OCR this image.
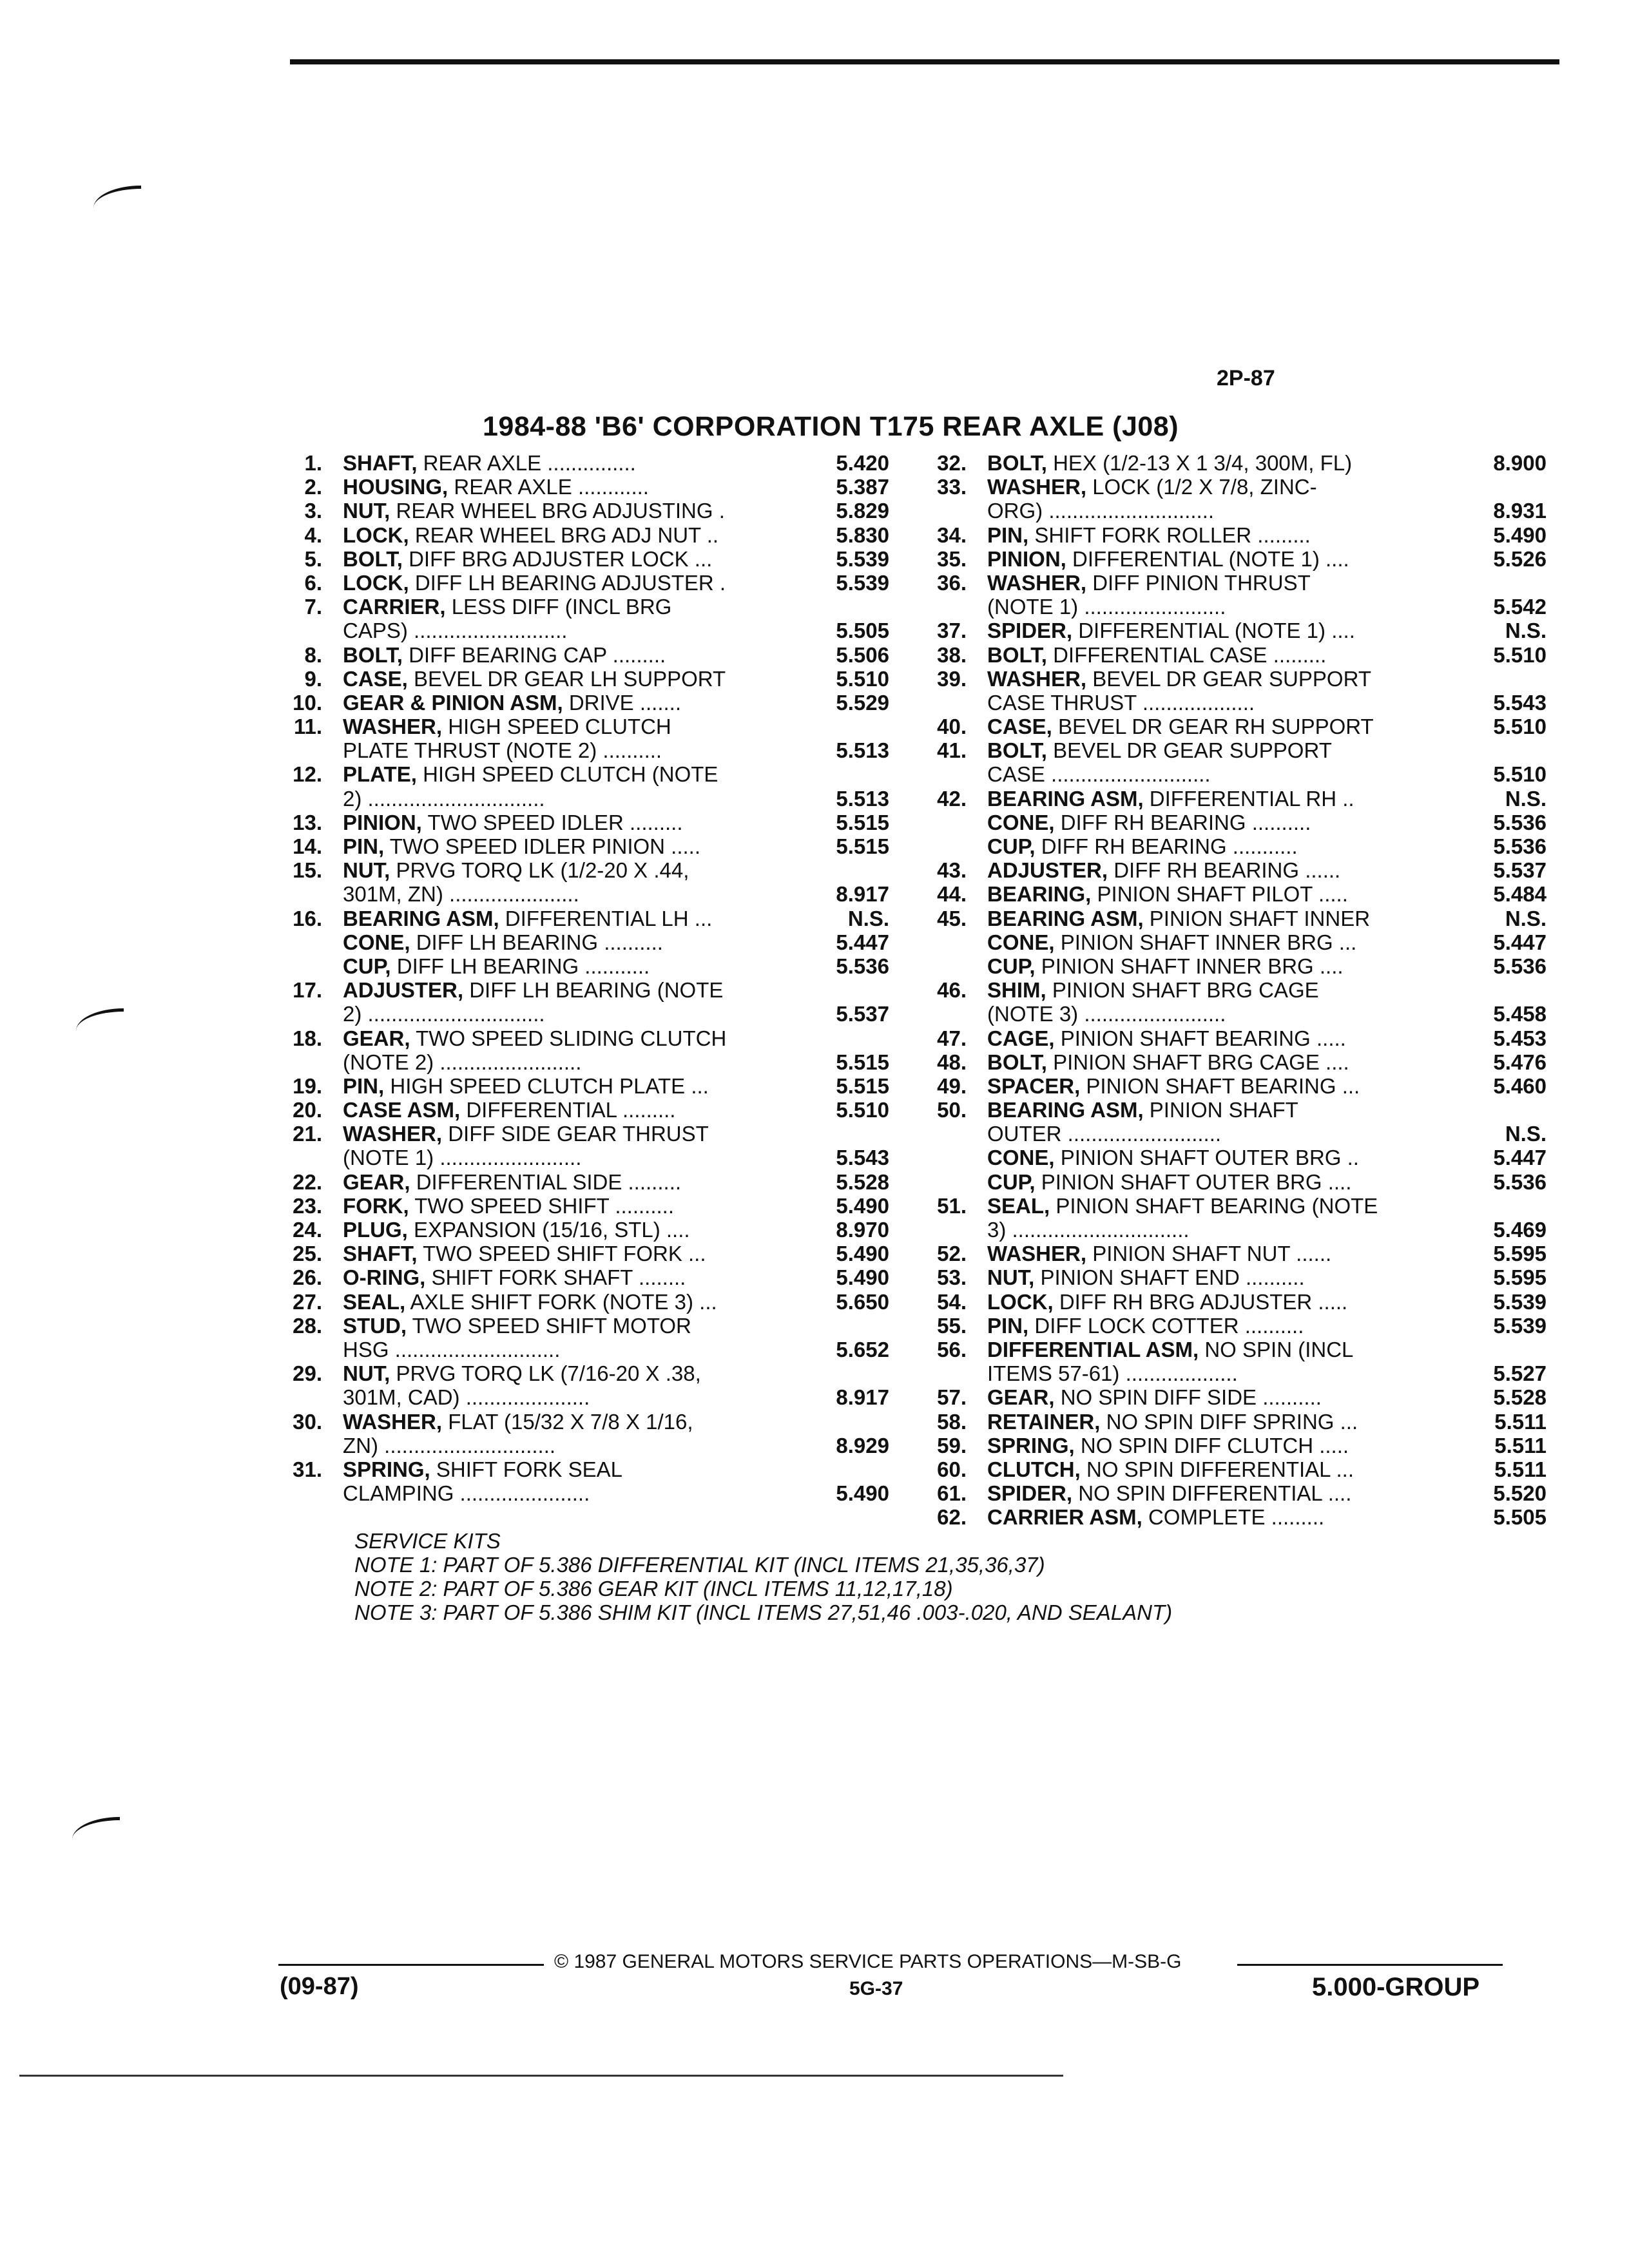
2P-87
1984-88 'B6' CORPORATION T175 REAR AXLE (J08)
1. SHAFT, REAR AXLE ...............	5.420
2. HOUSING, REAR AXLE ............	5.387
3. NUT, REAR WHEEL BRG ADJUSTING .	5.829
4. LOCK, REAR WHEEL BRG ADJ NUT ..	5.830
5. BOLT, DIFF BRG ADJUSTER LOCK ...	5.539
6. LOCK, DIFF LH BEARING ADJUSTER .	5.539
7. CARRIER, LESS DIFF (INCL BRG
CAPS) ..........................	5.505
8. BOLT, DIFF BEARING CAP .........	5.506
9. CASE, BEVEL DR GEAR LH SUPPORT	5.510
10. GEAR & PINION ASM, DRIVE .......	5.529
11. WASHER, HIGH SPEED CLUTCH
PLATE THRUST (NOTE 2) ..........	5.513
12. PLATE, HIGH SPEED CLUTCH (NOTE
2) ..............................	5.513
13. PINION, TWO SPEED IDLER .........	5.515
14. PIN, TWO SPEED IDLER PINION .....	5.515
15. NUT, PRVG TORQ LK (1/2-20 X .44,
301M, ZN) ......................	8.917
16. BEARING ASM, DIFFERENTIAL LH ...	N.S.
CONE, DIFF LH BEARING ..........	5.447
CUP, DIFF LH BEARING ...........	5.536
17. ADJUSTER, DIFF LH BEARING (NOTE
2) ..............................	5.537
18. GEAR, TWO SPEED SLIDING CLUTCH
(NOTE 2) ........................	5.515
19. PIN, HIGH SPEED CLUTCH PLATE ...	5.515
20. CASE ASM, DIFFERENTIAL .........	5.510
21. WASHER, DIFF SIDE GEAR THRUST
(NOTE 1) ........................	5.543
22. GEAR, DIFFERENTIAL SIDE .........	5.528
23. FORK, TWO SPEED SHIFT ..........	5.490
24. PLUG, EXPANSION (15/16, STL) ....	8.970
25. SHAFT, TWO SPEED SHIFT FORK ...	5.490
26. O-RING, SHIFT FORK SHAFT ........	5.490
27. SEAL, AXLE SHIFT FORK (NOTE 3) ...	5.650
28. STUD, TWO SPEED SHIFT MOTOR
HSG ............................	5.652
29. NUT, PRVG TORQ LK (7/16-20 X .38,
301M, CAD) .....................	8.917
30. WASHER, FLAT (15/32 X 7/8 X 1/16,
ZN) .............................	8.929
31. SPRING, SHIFT FORK SEAL
CLAMPING ......................	5.490
32. BOLT, HEX (1/2-13 X 1 3/4, 300M, FL)	8.900
33. WASHER, LOCK (1/2 X 7/8, ZINC-
ORG) ............................	8.931
34. PIN, SHIFT FORK ROLLER .........	5.490
35. PINION, DIFFERENTIAL (NOTE 1) ....	5.526
36. WASHER, DIFF PINION THRUST
(NOTE 1) ........................	5.542
37. SPIDER, DIFFERENTIAL (NOTE 1) ....	N.S.
38. BOLT, DIFFERENTIAL CASE .........	5.510
39. WASHER, BEVEL DR GEAR SUPPORT
CASE THRUST ...................	5.543
40. CASE, BEVEL DR GEAR RH SUPPORT	5.510
41. BOLT, BEVEL DR GEAR SUPPORT
CASE ...........................	5.510
42. BEARING ASM, DIFFERENTIAL RH ..	N.S.
CONE, DIFF RH BEARING ..........	5.536
CUP, DIFF RH BEARING ...........	5.536
43. ADJUSTER, DIFF RH BEARING ......	5.537
44. BEARING, PINION SHAFT PILOT .....	5.484
45. BEARING ASM, PINION SHAFT INNER	N.S.
CONE, PINION SHAFT INNER BRG ...	5.447
CUP, PINION SHAFT INNER BRG ....	5.536
46. SHIM, PINION SHAFT BRG CAGE
(NOTE 3) ........................	5.458
47. CAGE, PINION SHAFT BEARING .....	5.453
48. BOLT, PINION SHAFT BRG CAGE ....	5.476
49. SPACER, PINION SHAFT BEARING ...	5.460
50. BEARING ASM, PINION SHAFT
OUTER ..........................	N.S.
CONE, PINION SHAFT OUTER BRG ..	5.447
CUP, PINION SHAFT OUTER BRG ....	5.536
51. SEAL, PINION SHAFT BEARING (NOTE
3) ..............................	5.469
52. WASHER, PINION SHAFT NUT ......	5.595
53. NUT, PINION SHAFT END ..........	5.595
54. LOCK, DIFF RH BRG ADJUSTER .....	5.539
55. PIN, DIFF LOCK COTTER ..........	5.539
56. DIFFERENTIAL ASM, NO SPIN (INCL
ITEMS 57-61) ...................	5.527
57. GEAR, NO SPIN DIFF SIDE ..........	5.528
58. RETAINER, NO SPIN DIFF SPRING ...	5.511
59. SPRING, NO SPIN DIFF CLUTCH .....	5.511
60. CLUTCH, NO SPIN DIFFERENTIAL ...	5.511
61. SPIDER, NO SPIN DIFFERENTIAL ....	5.520
62. CARRIER ASM, COMPLETE .........	5.505
SERVICE KITS
NOTE 1: PART OF 5.386 DIFFERENTIAL KIT (INCL ITEMS 21,35,36,37)
NOTE 2: PART OF 5.386 GEAR KIT (INCL ITEMS 11,12,17,18)
NOTE 3: PART OF 5.386 SHIM KIT (INCL ITEMS 27,51,46 .003-.020, AND SEALANT)
© 1987 GENERAL MOTORS SERVICE PARTS OPERATIONS—M-SB-G
(09-87)	5G-37	5.000-GROUP
